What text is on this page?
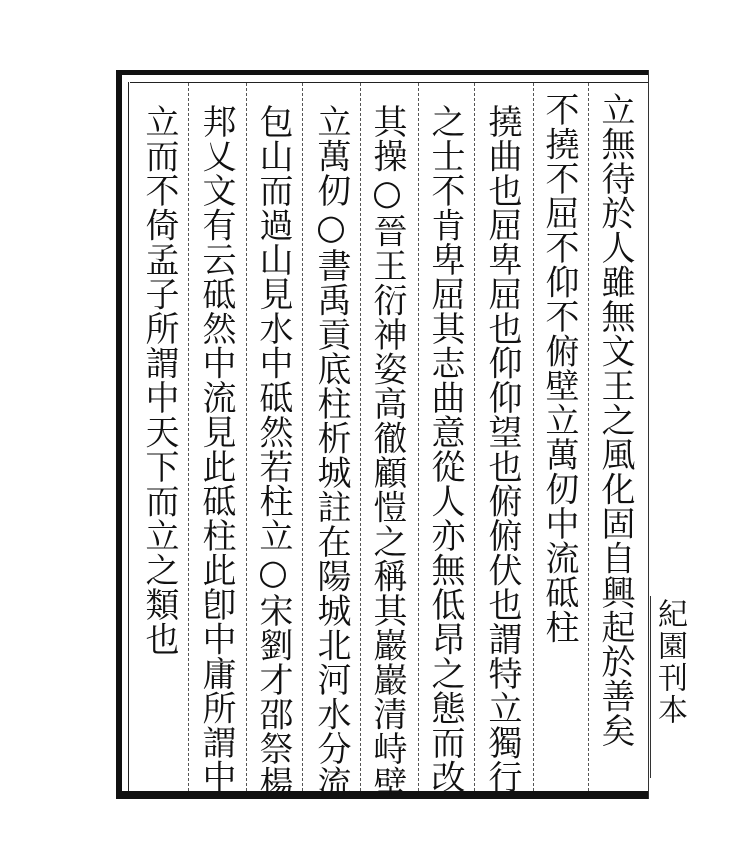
立無待於人雖無文王之風化固自興起於善矣
不撓不屈不仰不俯壁立萬仞中流砥柱
撓曲也屈卑屈也仰仰望也俯俯伏也謂特立獨行
之士不肯卑屈其志曲意從人亦無低昂之態而改
其操○晉王衍神姿高徹顧愷之稱其巖巖清峙壁
立萬仞○書禹貢底柱析城註在陽城北河水分流
包山而過山見水中砥然若柱立○宋劉才邵祭楊
邦乂文有云砥然中流見此砥柱此卽中庸所謂中
立而不倚孟子所謂中天下而立之類也
紀園刊本
